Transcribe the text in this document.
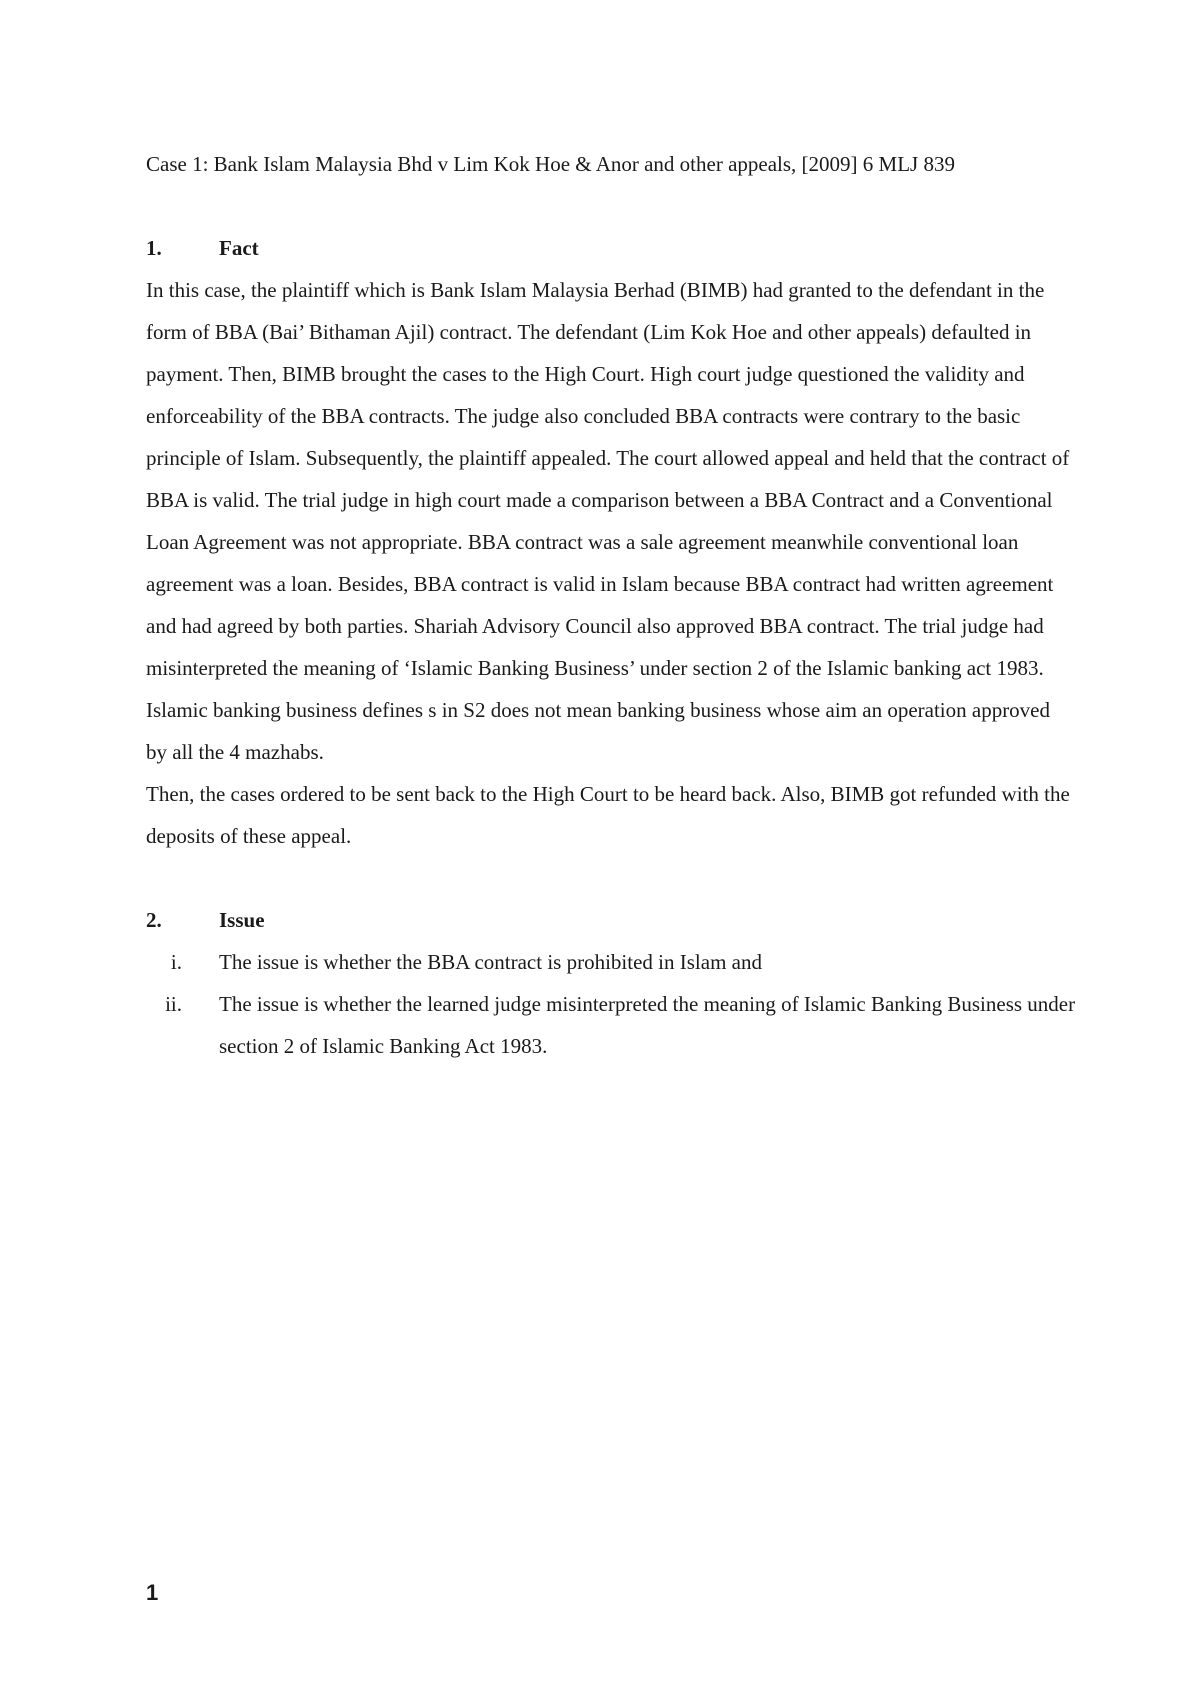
Case 1: Bank Islam Malaysia Bhd v Lim Kok Hoe & Anor and other appeals, [2009] 6 MLJ 839

1.	Fact

In this case, the plaintiff which is Bank Islam Malaysia Berhad (BIMB) had granted to the defendant in the form of BBA (Bai’ Bithaman Ajil) contract. The defendant (Lim Kok Hoe and other appeals) defaulted in payment. Then, BIMB brought the cases to the High Court. High court judge questioned the validity and enforceability of the BBA contracts. The judge also concluded BBA contracts were contrary to the basic principle of Islam. Subsequently, the plaintiff appealed. The court allowed appeal and held that the contract of BBA is valid. The trial judge in high court made a comparison between a BBA Contract and a Conventional Loan Agreement was not appropriate. BBA contract was a sale agreement meanwhile conventional loan agreement was a loan. Besides, BBA contract is valid in Islam because BBA contract had written agreement and had agreed by both parties. Shariah Advisory Council also approved BBA contract. The trial judge had misinterpreted the meaning of ‘Islamic Banking Business’ under section 2 of the Islamic banking act 1983. Islamic banking business defines s in S2 does not mean banking business whose aim an operation approved by all the 4 mazhabs.

Then, the cases ordered to be sent back to the High Court to be heard back. Also, BIMB got refunded with the deposits of these appeal.

2.	Issue
i.	The issue is whether the BBA contract is prohibited in Islam and
ii.	The issue is whether the learned judge misinterpreted the meaning of Islamic Banking Business under section 2 of Islamic Banking Act 1983.
1
